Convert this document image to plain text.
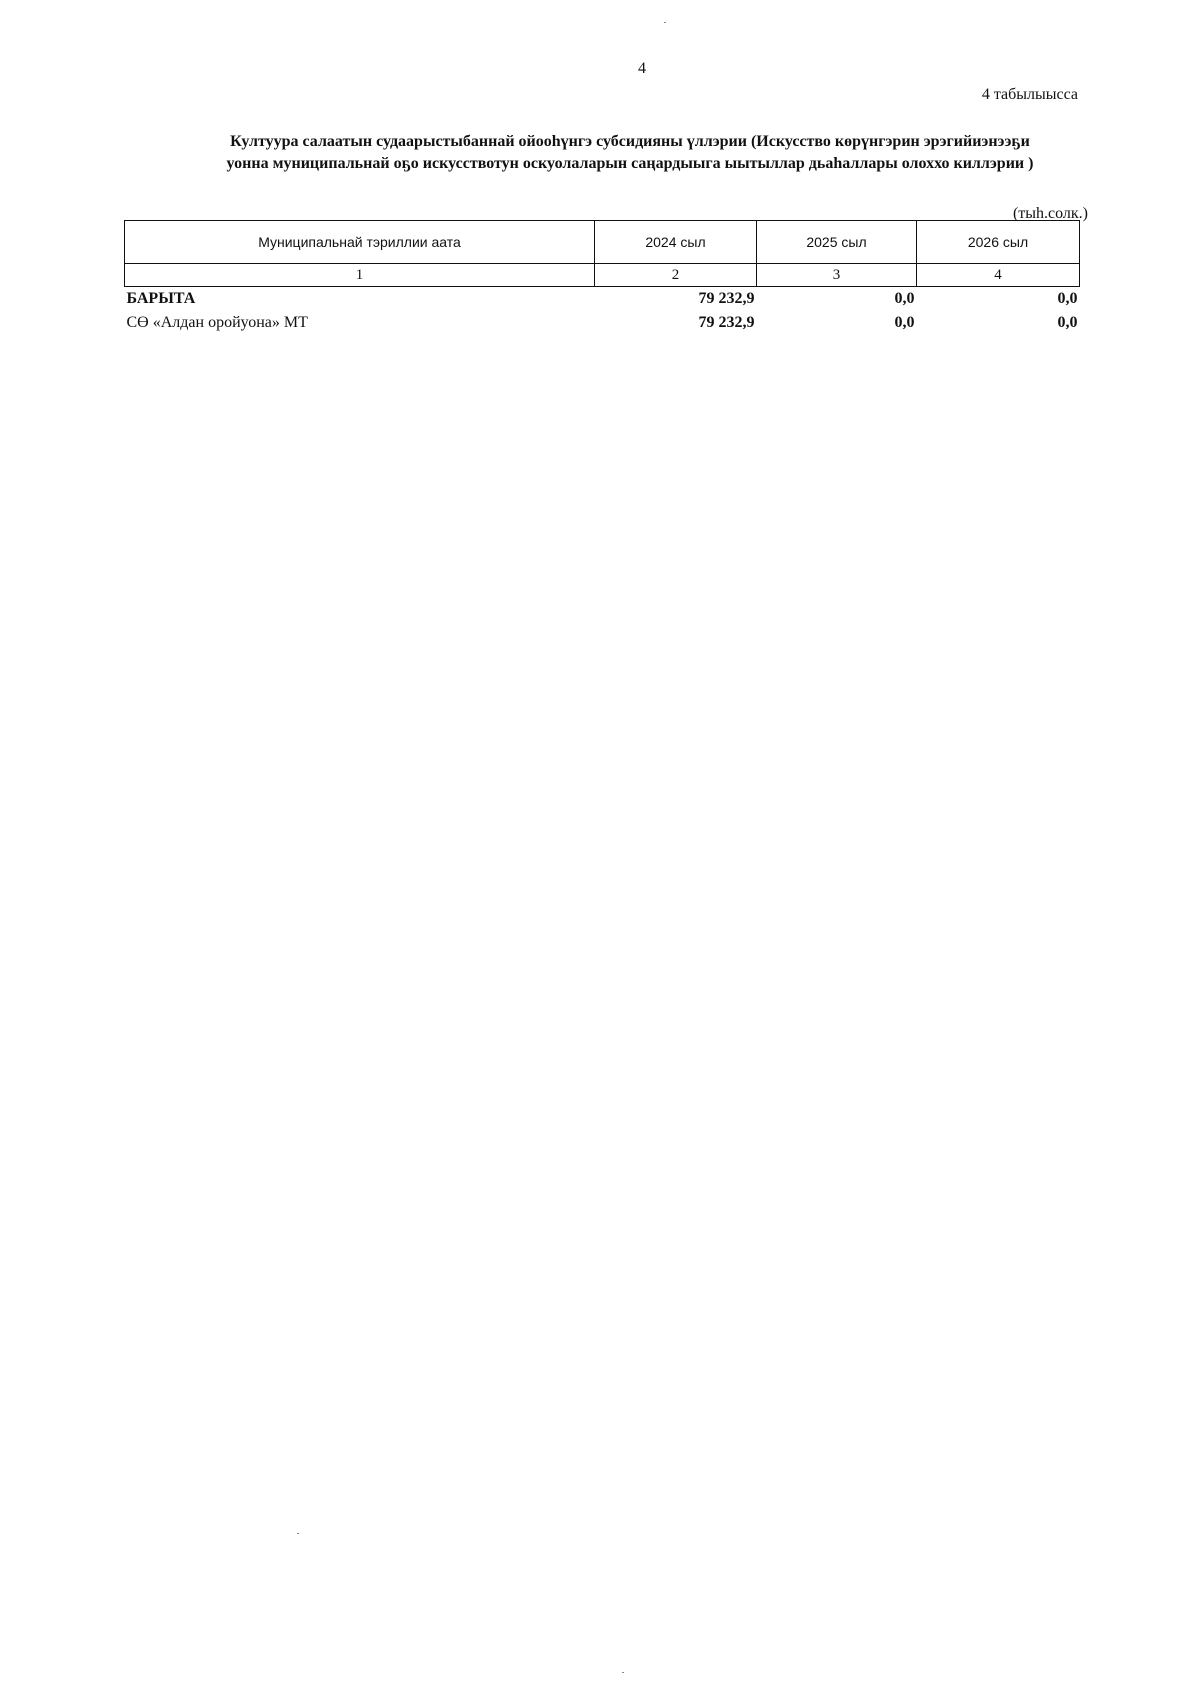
4
4 табылыысса
Култуура салаатын судаарыстыбаннай ойоoһүнгэ субсидияны үллэрии (Искусство көрүнгэрин эрэгийиэнээҕи
уонна муниципальнай оҕо искусствотун оскуолаларын саңардыыга ыытыллар дьаһаллары олоххо киллэрии )
(тыh.солк.)
Муниципальнай тэриллии аата	2024 сыл	2025 сыл	2026 сыл
1	2	3	4
БАРЫТА	79 232,9	0,0	0,0
СӨ «Алдан оройуона» МТ	79 232,9	0,0	0,0
